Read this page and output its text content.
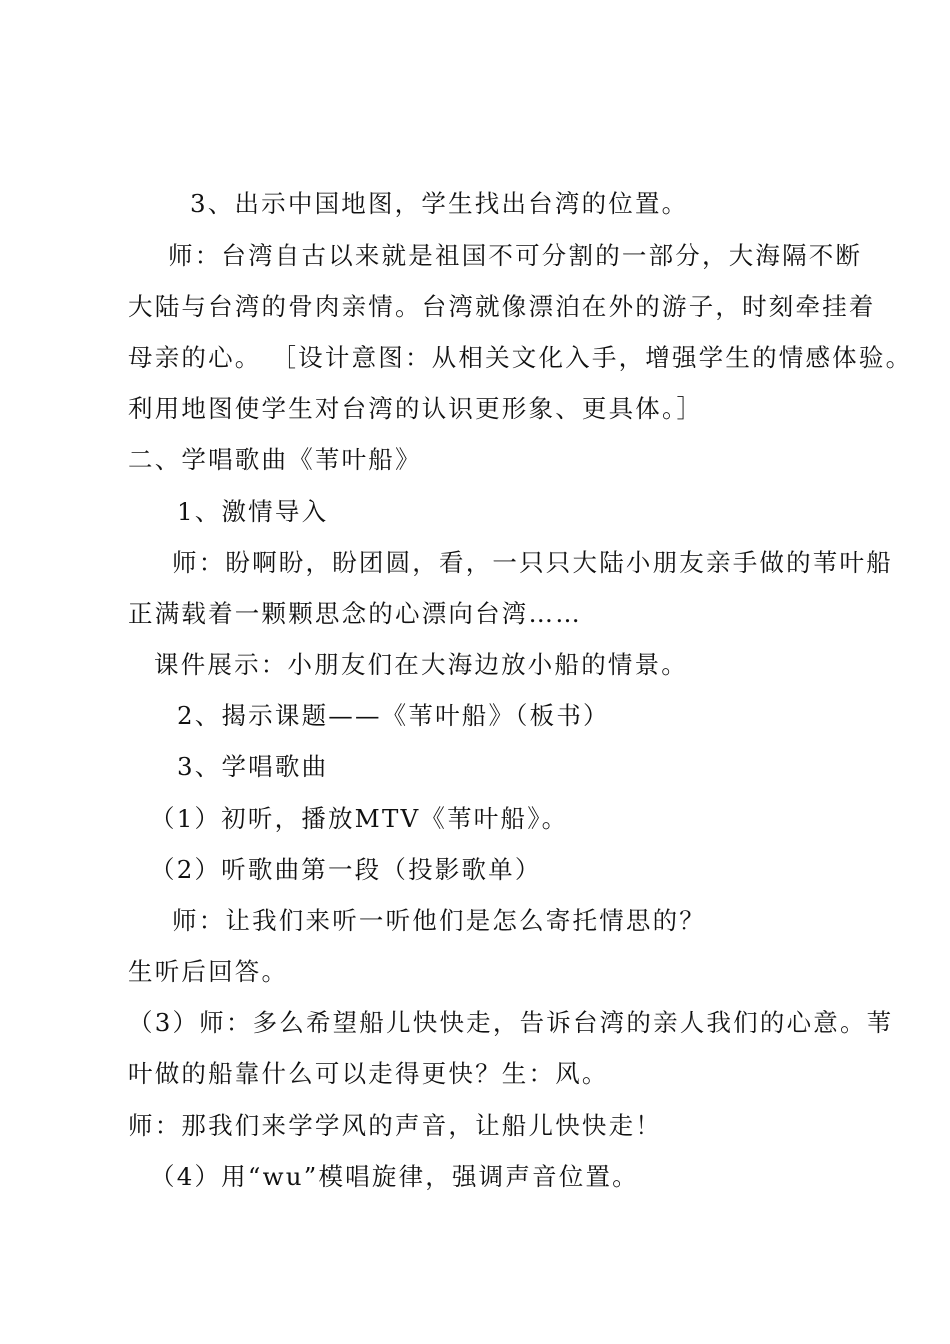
3、出示中国地图，学生找出台湾的位置。
师：台湾自古以来就是祖国不可分割的一部分，大海隔不断
大陆与台湾的骨肉亲情。台湾就像漂泊在外的游子，时刻牵挂着
母亲的心。 ［设计意图：从相关文化入手，增强学生的情感体验。
利用地图使学生对台湾的认识更形象、更具体。］
二、学唱歌曲《苇叶船》
1、激情导入
师：盼啊盼，盼团圆，看，一只只大陆小朋友亲手做的苇叶船
正满载着一颗颗思念的心漂向台湾……
课件展示：小朋友们在大海边放小船的情景。
2、揭示课题——《苇叶船》（板书）
3、学唱歌曲
（1）初听，播放MTV《苇叶船》。
（2）听歌曲第一段（投影歌单）
师：让我们来听一听他们是怎么寄托情思的？
生听后回答。
（3）师：多么希望船儿快快走，告诉台湾的亲人我们的心意。苇
叶做的船靠什么可以走得更快？生：风。
师：那我们来学学风的声音，让船儿快快走！
（4）用“wu”模唱旋律，强调声音位置。
